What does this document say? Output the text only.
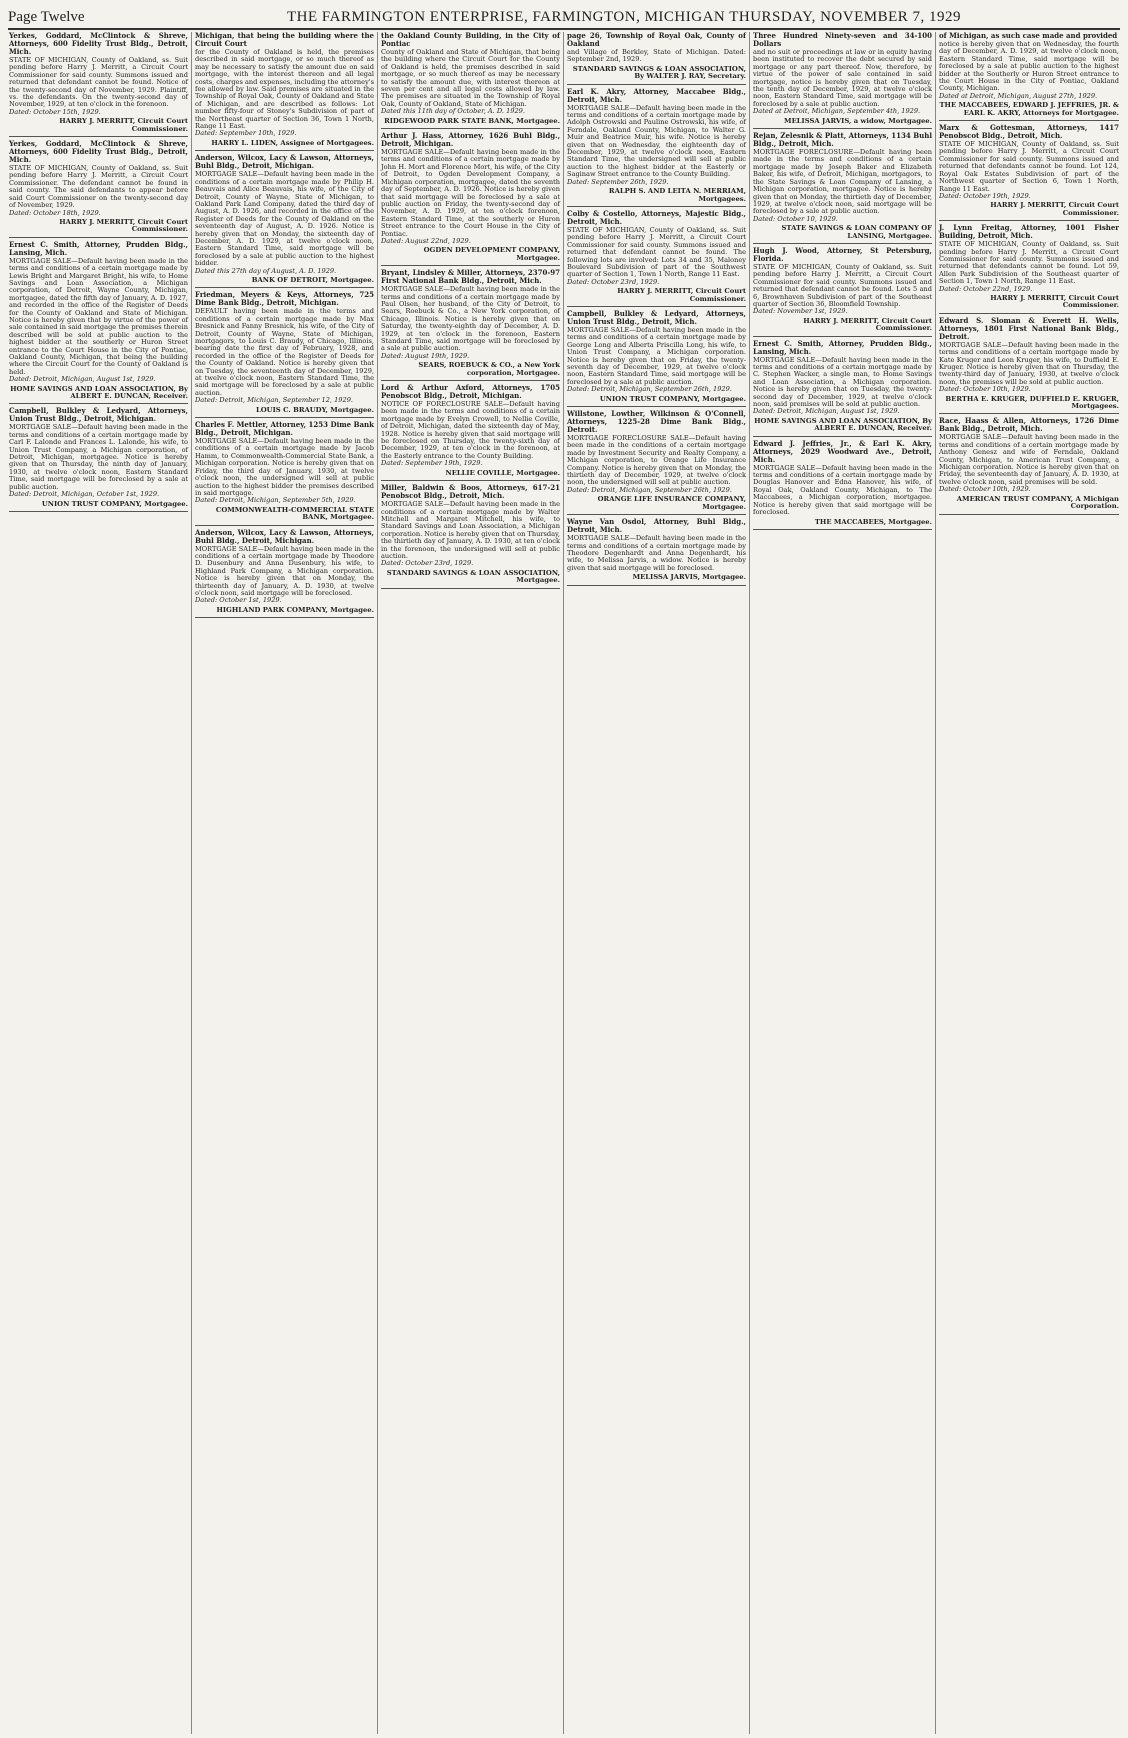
Page Twelve	THE FARMINGTON ENTERPRISE, FARMINGTON, MICHIGAN THURSDAY, NOVEMBER 7, 1929
Yerkes, Goddard, McClintock & Shreve, Attorneys, 600 Fidelity Trust Bldg., Detroit, Mich.
STATE OF MICHIGAN, County of Oakland, ss. Suit pending before Harry J. Merritt, a Circuit Court Commissioner for said county. Summons issued and returned that defendant cannot be found. Notice of the twenty-second day of November, 1929. Plaintiff, vs. the defendants. On the twenty-second day of November, 1929, at ten o'clock in the forenoon.
Dated: October 15th, 1929.
HARRY J. MERRITT, Circuit Court Commissioner.
Yerkes, Goddard, McClintock & Shreve, Attorneys, 600 Fidelity Trust Bldg., Detroit, Mich.
STATE OF MICHIGAN, County of Oakland, ss. Suit pending before Harry J. Merritt, a Circuit Court Commissioner. The defendant cannot be found in said county. The said defendants to appear before said Court Commissioner on the twenty-second day of November, 1929.
Dated: October 18th, 1929.
HARRY J. MERRITT, Circuit Court Commissioner.
Ernest C. Smith, Attorney, Prudden Bldg., Lansing, Mich.
MORTGAGE SALE—Default having been made in the terms and conditions of a certain mortgage made by Lewis Bright and Margaret Bright, his wife, to Home Savings and Loan Association, a Michigan corporation, of Detroit, Wayne County, Michigan, mortgagee, dated the fifth day of January, A. D. 1927, and recorded in the office of the Register of Deeds for the County of Oakland and State of Michigan. Notice is hereby given that by virtue of the power of sale contained in said mortgage the premises therein described will be sold at public auction to the highest bidder at the southerly or Huron Street entrance to the Court House in the City of Pontiac, Oakland County, Michigan, that being the building where the Circuit Court for the County of Oakland is held.
Dated: Detroit, Michigan, August 1st, 1929.
HOME SAVINGS AND LOAN ASSOCIATION, By ALBERT E. DUNCAN, Receiver.
Campbell, Bulkley & Ledyard, Attorneys, Union Trust Bldg., Detroit, Michigan.
MORTGAGE SALE—Default having been made in the terms and conditions of a certain mortgage made by Carl F. Lalonde and Frances L. Lalonde, his wife, to Union Trust Company, a Michigan corporation, of Detroit, Michigan, mortgagee. Notice is hereby given that on Thursday, the ninth day of January, 1930, at twelve o'clock noon, Eastern Standard Time, said mortgage will be foreclosed by a sale at public auction.
Dated: Detroit, Michigan, October 1st, 1929.
UNION TRUST COMPANY, Mortgagee.
Michigan, that being the building where the Circuit Court
for the County of Oakland is held, the premises described in said mortgage, or so much thereof as may be necessary to satisfy the amount due on said mortgage, with the interest thereon and all legal costs, charges and expenses, including the attorney's fee allowed by law. Said premises are situated in the Township of Royal Oak, County of Oakland and State of Michigan, and are described as follows: Lot number fifty-four of Stoney's Subdivision of part of the Northeast quarter of Section 36, Town 1 North, Range 11 East.
Dated: September 10th, 1929.
HARRY L. LIDEN, Assignee of Mortgagees.
Anderson, Wilcox, Lacy & Lawson, Attorneys, Buhl Bldg., Detroit, Michigan.
MORTGAGE SALE—Default having been made in the conditions of a certain mortgage made by Philip H. Beauvais and Alice Beauvais, his wife, of the City of Detroit, County of Wayne, State of Michigan, to Oakland Park Land Company, dated the third day of August, A. D. 1926, and recorded in the office of the Register of Deeds for the County of Oakland on the seventeenth day of August, A. D. 1926. Notice is hereby given that on Monday, the sixteenth day of December, A. D. 1929, at twelve o'clock noon, Eastern Standard Time, said mortgage will be foreclosed by a sale at public auction to the highest bidder.
Dated this 27th day of August, A. D. 1929.
BANK OF DETROIT, Mortgagee.
Friedman, Meyers & Keys, Attorneys, 725 Dime Bank Bldg., Detroit, Michigan.
DEFAULT having been made in the terms and conditions of a certain mortgage made by Max Bresnick and Fanny Bresnick, his wife, of the City of Detroit, County of Wayne, State of Michigan, mortgagors, to Louis C. Braudy, of Chicago, Illinois, bearing date the first day of February, 1928, and recorded in the office of the Register of Deeds for the County of Oakland. Notice is hereby given that on Tuesday, the seventeenth day of December, 1929, at twelve o'clock noon, Eastern Standard Time, the said mortgage will be foreclosed by a sale at public auction.
Dated: Detroit, Michigan, September 12, 1929.
LOUIS C. BRAUDY, Mortgagee.
Charles F. Mettler, Attorney, 1253 Dime Bank Bldg., Detroit, Michigan.
MORTGAGE SALE—Default having been made in the conditions of a certain mortgage made by Jacob Hamm, to Commonwealth-Commercial State Bank, a Michigan corporation. Notice is hereby given that on Friday, the third day of January, 1930, at twelve o'clock noon, the undersigned will sell at public auction to the highest bidder the premises described in said mortgage.
Dated: Detroit, Michigan, September 5th, 1929.
COMMONWEALTH-COMMERCIAL STATE BANK, Mortgagee.
Anderson, Wilcox, Lacy & Lawson, Attorneys, Buhl Bldg., Detroit, Michigan.
MORTGAGE SALE—Default having been made in the conditions of a certain mortgage made by Theodore D. Dusenbury and Anna Dusenbury, his wife, to Highland Park Company, a Michigan corporation. Notice is hereby given that on Monday, the thirteenth day of January, A. D. 1930, at twelve o'clock noon, said mortgage will be foreclosed.
Dated: October 1st, 1929.
HIGHLAND PARK COMPANY, Mortgagee.
the Oakland County Building, in the City of Pontiac
County of Oakland and State of Michigan, that being the building where the Circuit Court for the County of Oakland is held, the premises described in said mortgage, or so much thereof as may be necessary to satisfy the amount due, with interest thereon at seven per cent and all legal costs allowed by law. The premises are situated in the Township of Royal Oak, County of Oakland, State of Michigan.
Dated this 11th day of October, A. D. 1929.
RIDGEWOOD PARK STATE BANK, Mortgagee.
Arthur J. Hass, Attorney, 1626 Buhl Bldg., Detroit, Michigan.
MORTGAGE SALE—Default having been made in the terms and conditions of a certain mortgage made by John H. Mort and Florence Mort, his wife, of the City of Detroit, to Ogden Development Company, a Michigan corporation, mortgagee, dated the seventh day of September, A. D. 1926. Notice is hereby given that said mortgage will be foreclosed by a sale at public auction on Friday, the twenty-second day of November, A. D. 1929, at ten o'clock forenoon, Eastern Standard Time, at the southerly or Huron Street entrance to the Court House in the City of Pontiac.
Dated: August 22nd, 1929.
OGDEN DEVELOPMENT COMPANY, Mortgagee.
Bryant, Lindsley & Miller, Attorneys, 2370-97 First National Bank Bldg., Detroit, Mich.
MORTGAGE SALE—Default having been made in the terms and conditions of a certain mortgage made by Paul Olsen, her husband, of the City of Detroit, to Sears, Roebuck & Co., a New York corporation, of Chicago, Illinois. Notice is hereby given that on Saturday, the twenty-eighth day of December, A. D. 1929, at ten o'clock in the forenoon, Eastern Standard Time, said mortgage will be foreclosed by a sale at public auction.
Dated: August 19th, 1929.
SEARS, ROEBUCK & CO., a New York corporation, Mortgagee.
Lord & Arthur Axford, Attorneys, 1705 Penobscot Bldg., Detroit, Michigan.
NOTICE OF FORECLOSURE SALE—Default having been made in the terms and conditions of a certain mortgage made by Evelyn Crowell, to Nellie Coville, of Detroit, Michigan, dated the sixteenth day of May, 1928. Notice is hereby given that said mortgage will be foreclosed on Thursday, the twenty-sixth day of December, 1929, at ten o'clock in the forenoon, at the Easterly entrance to the County Building.
Dated: September 19th, 1929.
NELLIE COVILLE, Mortgagee.
Miller, Baldwin & Boos, Attorneys, 617-21 Penobscot Bldg., Detroit, Mich.
MORTGAGE SALE—Default having been made in the conditions of a certain mortgage made by Walter Mitchell and Margaret Mitchell, his wife, to Standard Savings and Loan Association, a Michigan corporation. Notice is hereby given that on Thursday, the thirtieth day of January, A. D. 1930, at ten o'clock in the forenoon, the undersigned will sell at public auction.
Dated: October 23rd, 1929.
STANDARD SAVINGS & LOAN ASSOCIATION, Mortgagee.
page 26, Township of Royal Oak, County of Oakland
and Village of Berkley, State of Michigan. Dated: September 2nd, 1929.
STANDARD SAVINGS & LOAN ASSOCIATION, By WALTER J. RAY, Secretary.
Earl K. Akry, Attorney, Maccabee Bldg., Detroit, Mich.
MORTGAGE SALE—Default having been made in the terms and conditions of a certain mortgage made by Adolph Ostrowski and Pauline Ostrowski, his wife, of Ferndale, Oakland County, Michigan, to Walter G. Muir and Beatrice Muir, his wife. Notice is hereby given that on Wednesday, the eighteenth day of December, 1929, at twelve o'clock noon, Eastern Standard Time, the undersigned will sell at public auction to the highest bidder at the Easterly or Saginaw Street entrance to the County Building.
Dated: September 26th, 1929.
RALPH S. AND LEITA N. MERRIAM, Mortgagees.
Colby & Costello, Attorneys, Majestic Bldg., Detroit, Mich.
STATE OF MICHIGAN, County of Oakland, ss. Suit pending before Harry J. Merritt, a Circuit Court Commissioner for said county. Summons issued and returned that defendant cannot be found. The following lots are involved: Lots 34 and 35, Maloney Boulevard Subdivision of part of the Southwest quarter of Section 1, Town 1 North, Range 11 East.
Dated: October 23rd, 1929.
HARRY J. MERRITT, Circuit Court Commissioner.
Campbell, Bulkley & Ledyard, Attorneys, Union Trust Bldg., Detroit, Mich.
MORTGAGE SALE—Default having been made in the terms and conditions of a certain mortgage made by George Long and Alberta Priscilla Long, his wife, to Union Trust Company, a Michigan corporation. Notice is hereby given that on Friday, the twenty-seventh day of December, 1929, at twelve o'clock noon, Eastern Standard Time, said mortgage will be foreclosed by a sale at public auction.
Dated: Detroit, Michigan, September 26th, 1929.
UNION TRUST COMPANY, Mortgagee.
Willstone, Lowther, Wilkinson & O'Connell, Attorneys, 1225-28 Dime Bank Bldg., Detroit.
MORTGAGE FORECLOSURE SALE—Default having been made in the conditions of a certain mortgage made by Investment Security and Realty Company, a Michigan corporation, to Orange Life Insurance Company. Notice is hereby given that on Monday, the thirtieth day of December, 1929, at twelve o'clock noon, the undersigned will sell at public auction.
Dated: Detroit, Michigan, September 26th, 1929.
ORANGE LIFE INSURANCE COMPANY, Mortgagee.
Wayne Van Osdol, Attorney, Buhl Bldg., Detroit, Mich.
MORTGAGE SALE—Default having been made in the terms and conditions of a certain mortgage made by Theodore Degenhardt and Anna Degenhardt, his wife, to Melissa Jarvis, a widow. Notice is hereby given that said mortgage will be foreclosed.
MELISSA JARVIS, Mortgagee.
Three Hundred Ninety-seven and 34-100 Dollars
and no suit or proceedings at law or in equity having been instituted to recover the debt secured by said mortgage or any part thereof. Now, therefore, by virtue of the power of sale contained in said mortgage, notice is hereby given that on Tuesday, the tenth day of December, 1929, at twelve o'clock noon, Eastern Standard Time, said mortgage will be foreclosed by a sale at public auction.
Dated at Detroit, Michigan, September 4th, 1929.
MELISSA JARVIS, a widow, Mortgagee.
Rejan, Zelesnik & Platt, Attorneys, 1134 Buhl Bldg., Detroit, Mich.
MORTGAGE FORECLOSURE—Default having been made in the terms and conditions of a certain mortgage made by Joseph Baker and Elizabeth Baker, his wife, of Detroit, Michigan, mortgagors, to the State Savings & Loan Company of Lansing, a Michigan corporation, mortgagee. Notice is hereby given that on Monday, the thirtieth day of December, 1929, at twelve o'clock noon, said mortgage will be foreclosed by a sale at public auction.
Dated: October 10, 1929.
STATE SAVINGS & LOAN COMPANY OF LANSING, Mortgagee.
Hugh J. Wood, Attorney, St Petersburg, Florida.
STATE OF MICHIGAN, County of Oakland, ss. Suit pending before Harry J. Merritt, a Circuit Court Commissioner for said county. Summons issued and returned that defendant cannot be found. Lots 5 and 6, Brownhaven Subdivision of part of the Southeast quarter of Section 36, Bloomfield Township.
Dated: November 1st, 1929.
HARRY J. MERRITT, Circuit Court Commissioner.
Ernest C. Smith, Attorney, Prudden Bldg., Lansing, Mich.
MORTGAGE SALE—Default having been made in the terms and conditions of a certain mortgage made by C. Stephen Wacker, a single man, to Home Savings and Loan Association, a Michigan corporation. Notice is hereby given that on Tuesday, the twenty-second day of December, 1929, at twelve o'clock noon, said premises will be sold at public auction.
Dated: Detroit, Michigan, August 1st, 1929.
HOME SAVINGS AND LOAN ASSOCIATION, By ALBERT E. DUNCAN, Receiver.
Edward J. Jeffries, Jr., & Earl K. Akry, Attorneys, 2029 Woodward Ave., Detroit, Mich.
MORTGAGE SALE—Default having been made in the terms and conditions of a certain mortgage made by Douglas Hanover and Edna Hanover, his wife, of Royal Oak, Oakland County, Michigan, to The Maccabees, a Michigan corporation, mortgagee. Notice is hereby given that said mortgage will be foreclosed.
THE MACCABEES, Mortgagee.
of Michigan, as such case made and provided
notice is hereby given that on Wednesday, the fourth day of December, A. D. 1929, at twelve o'clock noon, Eastern Standard Time, said mortgage will be foreclosed by a sale at public auction to the highest bidder at the Southerly or Huron Street entrance to the Court House in the City of Pontiac, Oakland County, Michigan.
Dated at Detroit, Michigan, August 27th, 1929.
THE MACCABEES, EDWARD J. JEFFRIES, JR. & EARL K. AKRY, Attorneys for Mortgagee.
Marx & Gottesman, Attorneys, 1417 Penobscot Bldg., Detroit, Mich.
STATE OF MICHIGAN, County of Oakland, ss. Suit pending before Harry J. Merritt, a Circuit Court Commissioner for said county. Summons issued and returned that defendants cannot be found. Lot 124, Royal Oak Estates Subdivision of part of the Northwest quarter of Section 6, Town 1 North, Range 11 East.
Dated: October 19th, 1929.
HARRY J. MERRITT, Circuit Court Commissioner.
J. Lynn Freitag, Attorney, 1001 Fisher Building, Detroit, Mich.
STATE OF MICHIGAN, County of Oakland, ss. Suit pending before Harry J. Merritt, a Circuit Court Commissioner for said county. Summons issued and returned that defendants cannot be found. Lot 59, Allen Park Subdivision of the Southeast quarter of Section 1, Town 1 North, Range 11 East.
Dated: October 22nd, 1929.
HARRY J. MERRITT, Circuit Court Commissioner.
Edward S. Sloman & Everett H. Wells, Attorneys, 1801 First National Bank Bldg., Detroit.
MORTGAGE SALE—Default having been made in the terms and conditions of a certain mortgage made by Kate Kruger and Leon Kruger, his wife, to Duffield E. Kruger. Notice is hereby given that on Thursday, the twenty-third day of January, 1930, at twelve o'clock noon, the premises will be sold at public auction.
Dated: October 10th, 1929.
BERTHA E. KRUGER, DUFFIELD E. KRUGER, Mortgagees.
Race, Haass & Allen, Attorneys, 1726 Dime Bank Bldg., Detroit, Mich.
MORTGAGE SALE—Default having been made in the terms and conditions of a certain mortgage made by Anthony Genesz and wife of Ferndale, Oakland County, Michigan, to American Trust Company, a Michigan corporation. Notice is hereby given that on Friday, the seventeenth day of January, A. D. 1930, at twelve o'clock noon, said premises will be sold.
Dated: October 10th, 1929.
AMERICAN TRUST COMPANY, A Michigan Corporation.
